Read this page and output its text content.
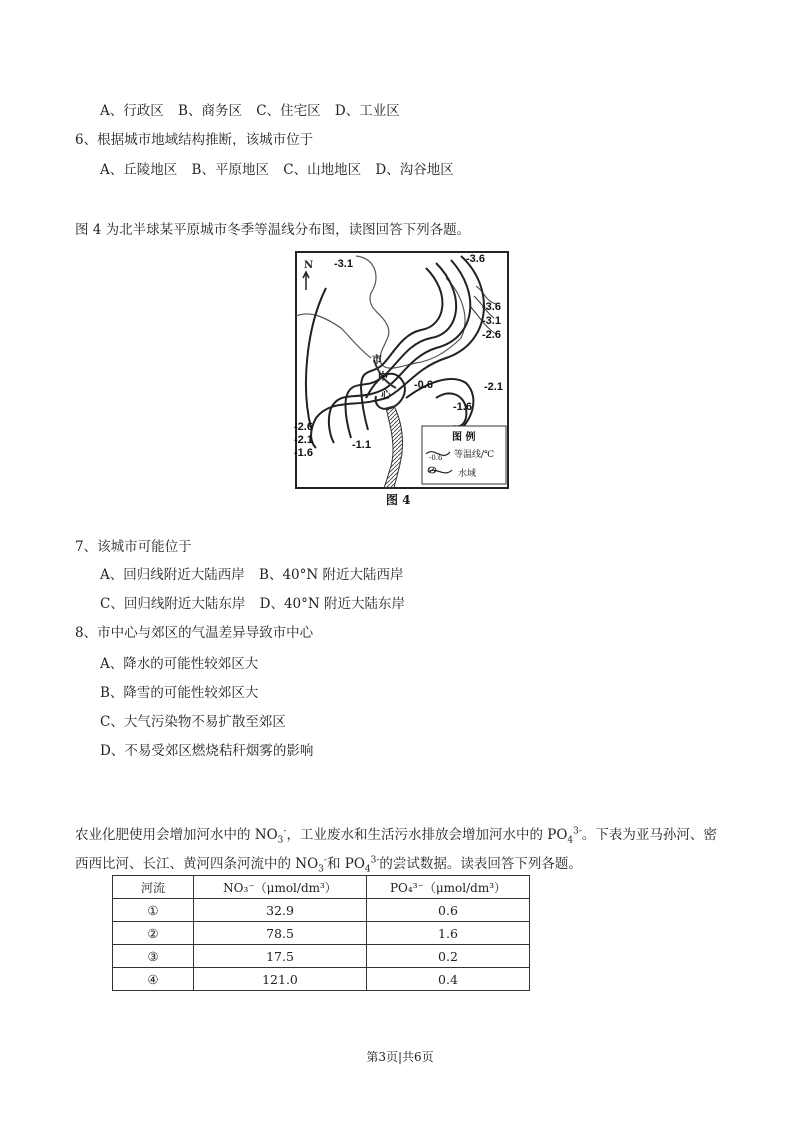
A、行政区 B、商务区 C、住宅区 D、工业区
6、根据城市地域结构推断，该城市位于
A、丘陵地区 B、平原地区 C、山地地区 D、沟谷地区
图 4 为北半球某平原城市冬季等温线分布图，读图回答下列各题。
N -3.1	-3.6
-3.6
-3.1
-2.6
-2.1
-0.6
-1.6
-2.6
-2.1
-1.6
-1.1
市
中
心
图 例
-0.6 等温线/℃
水域
图 4
7、该城市可能位于
A、回归线附近大陆西岸 B、40°N 附近大陆西岸
C、回归线附近大陆东岸 D、40°N 附近大陆东岸
8、市中心与郊区的气温差异导致市中心
A、降水的可能性较郊区大
B、降雪的可能性较郊区大
C、大气污染物不易扩散至郊区
D、不易受郊区燃烧秸秆烟雾的影响
农业化肥使用会增加河水中的 $NO_3^-$，工业废水和生活污水排放会增加河水中的 $PO_4^{3-}$。下表为亚马孙河、密
西西比河、长江、黄河四条河流中的 $NO_3^-$和 $PO_4^{3-}$的尝试数据。读表回答下列各题。
河流	NO₃⁻（μmol/dm³）	PO₄³⁻（μmol/dm³）
①	32.9	0.6
②	78.5	1.6
③	17.5	0.2
④	121.0	0.4
第3页|共6页
